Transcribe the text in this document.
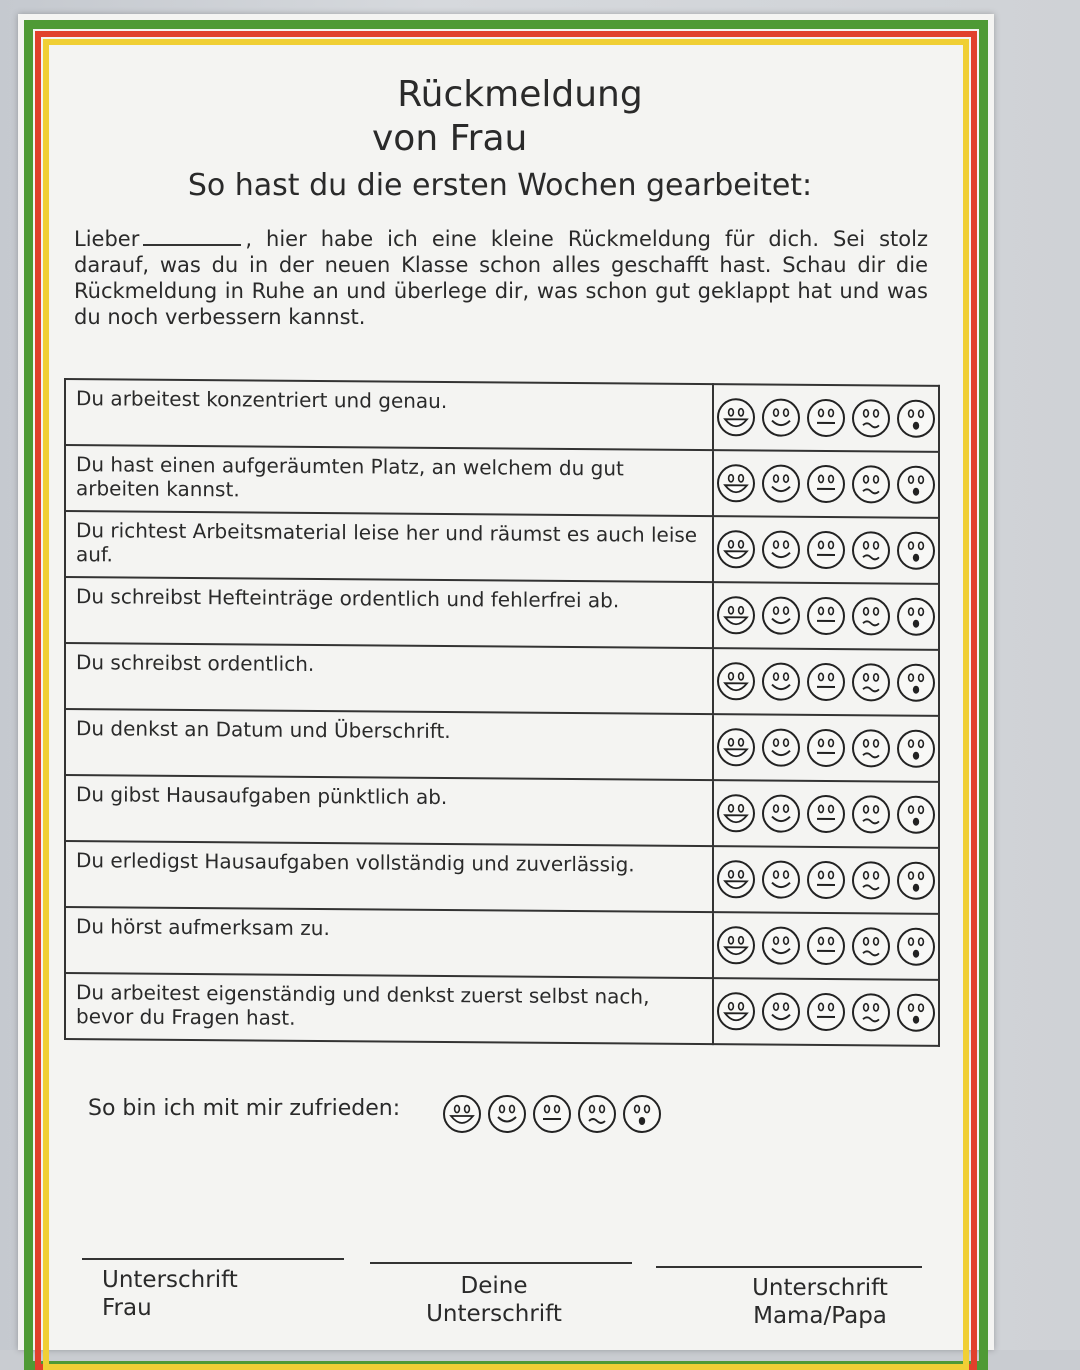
Rückmeldung
von Frau
So hast du die ersten Wochen gearbeitet:
Lieber	, hier habe ich eine kleine Rückmeldung für dich. Sei stolz darauf, was du in der neuen Klasse schon alles geschafft hast. Schau dir die Rückmeldung in Ruhe an und überlege dir, was schon gut geklappt hat und was du noch verbessern kannst.
Du arbeitest konzentriert und genau.	

Du hast einen aufgeräumten Platz, an welchem du gut arbeiten kannst.	

Du richtest Arbeitsmaterial leise her und räumst es auch leise auf.	

Du schreibst Hefteinträge ordentlich und fehlerfrei ab.	

Du schreibst ordentlich.	

Du denkst an Datum und Überschrift.	

Du gibst Hausaufgaben pünktlich ab.	

Du erledigst Hausaufgaben vollständig und zuverlässig.	

Du hörst aufmerksam zu.	

Du arbeitest eigenständig und denkst zuerst selbst nach, bevor du Fragen hast.	
So bin ich mit mir zufrieden:
Unterschrift
Frau
Deine
Unterschrift
Unterschrift
Mama/Papa
